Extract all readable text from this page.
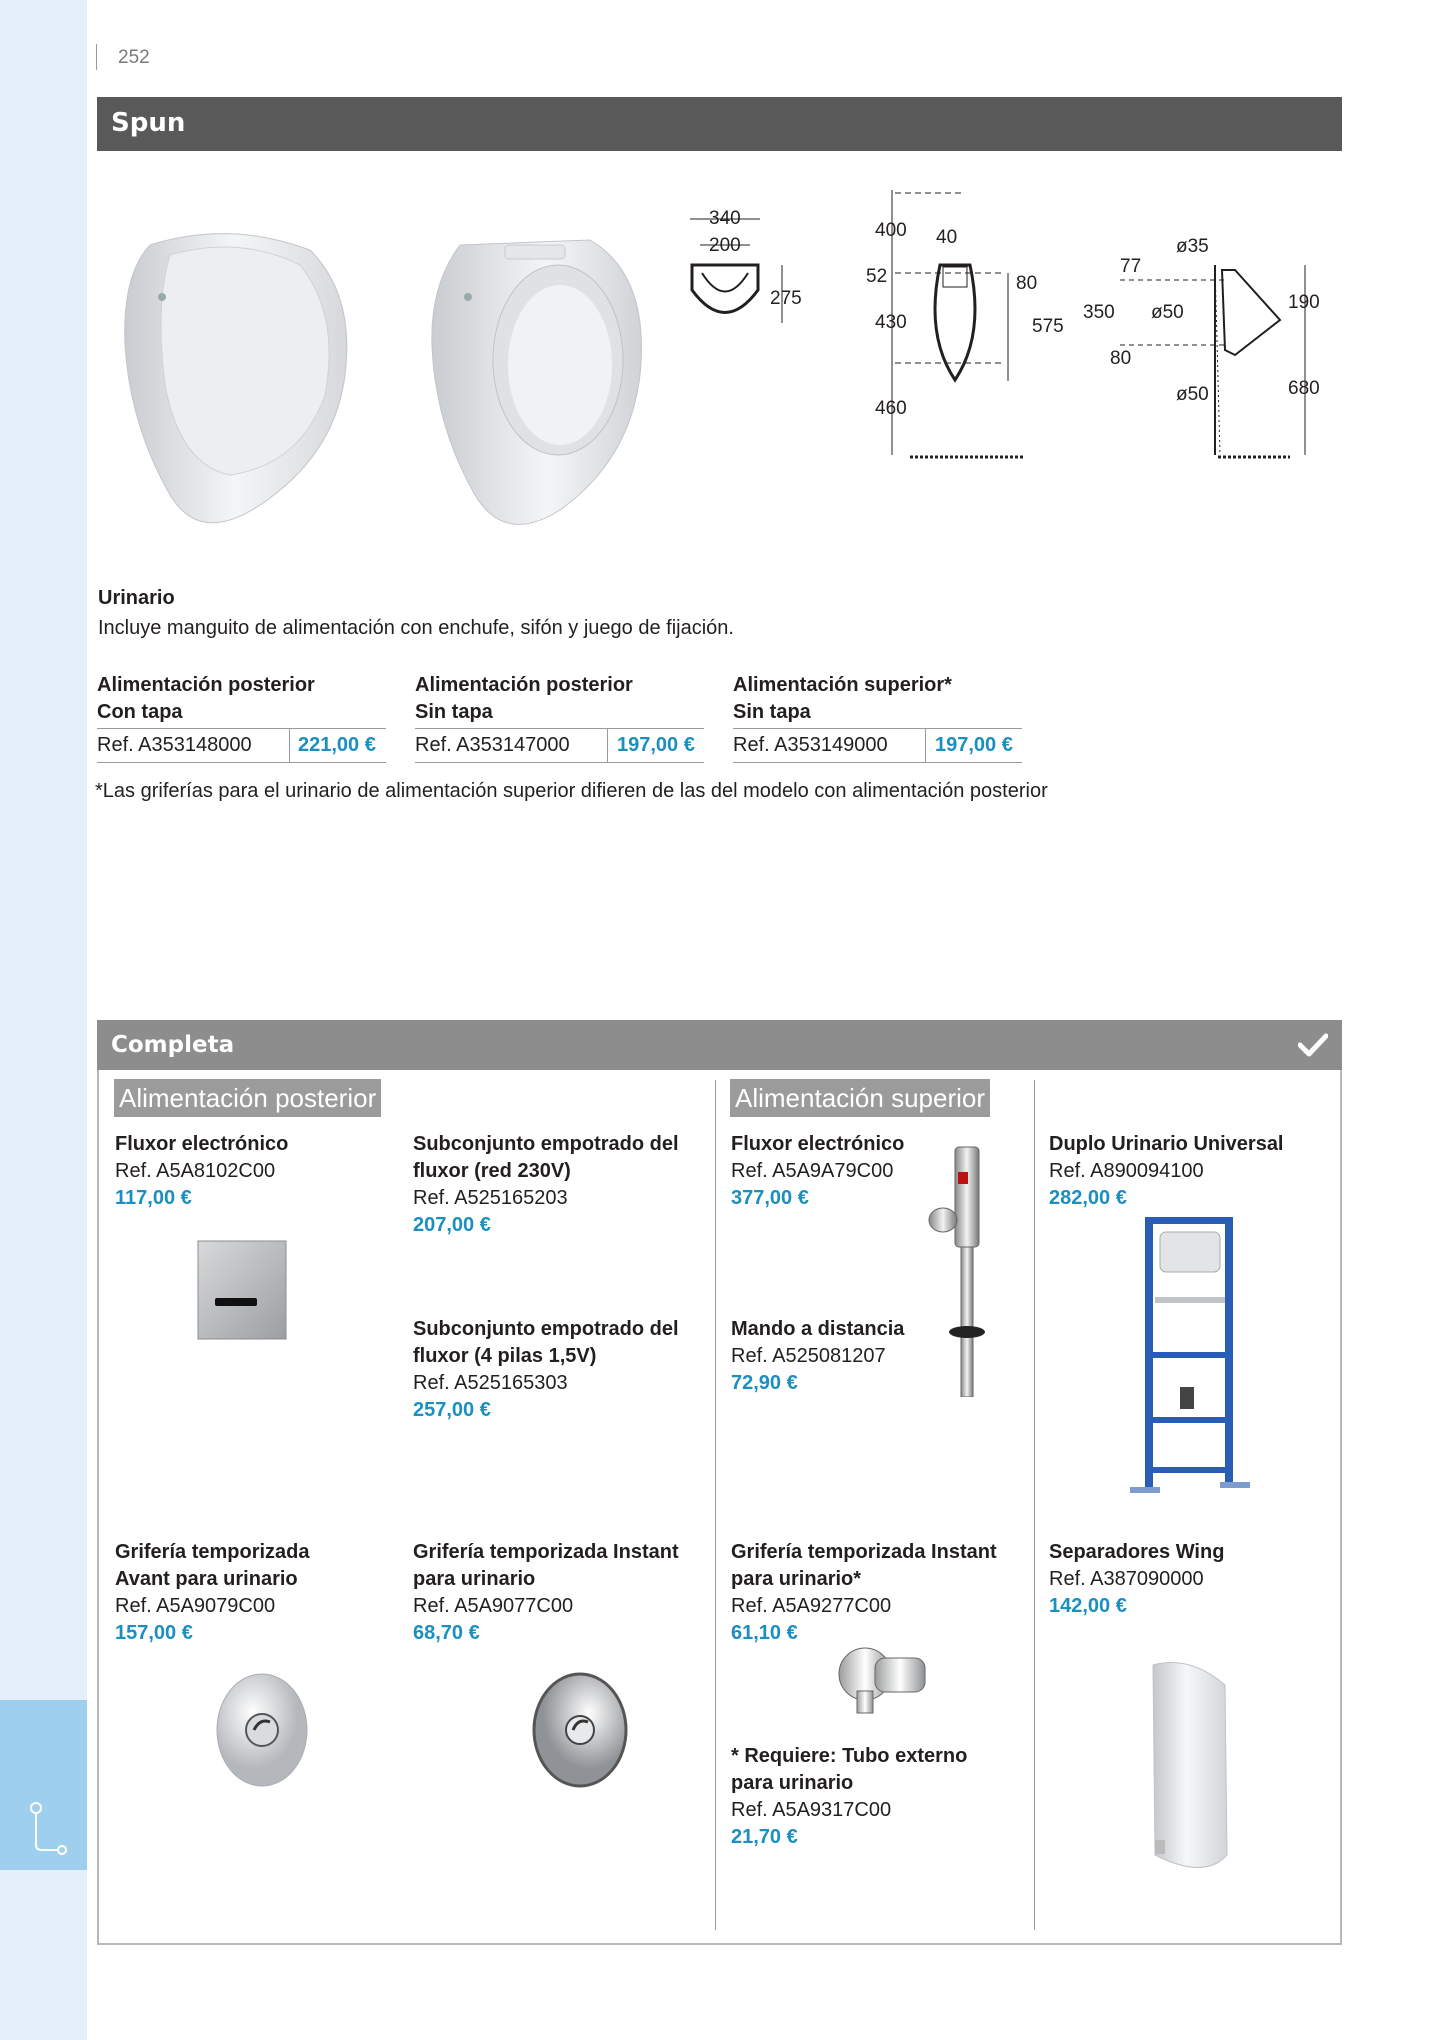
252
Spun
340
200
275
400 40
52	80
430	575
460
77
ø35
350 ø50	190
80
ø50	680
Urinario
Incluye manguito de alimentación con enchufe, sifón y juego de fijación.
Alimentación posterior
Con tapa
Alimentación posterior
Sin tapa
Alimentación superior*
Sin tapa
Ref. A353148000 221,00 € Ref. A353147000 197,00 € Ref. A353149000 197,00 €
*Las griferías para el urinario de alimentación superior difieren de las del modelo con alimentación posterior
Completa
Alimentación posterior	Alimentación superior
Fluxor electrónico
Ref. A5A8102C00
117,00 €
Subconjunto empotrado del
fluxor (red 230V)
Ref. A525165203
207,00 €
Subconjunto empotrado del
fluxor (4 pilas 1,5V)
Ref. A525165303
257,00 €
Fluxor electrónico
Ref. A5A9A79C00
377,00 €
Mando a distancia
Ref. A525081207
72,90 €
Duplo Urinario Universal
Ref. A890094100
282,00 €
Grifería temporizada
Avant para urinario
Ref. A5A9079C00
157,00 €
Grifería temporizada Instant
para urinario
Ref. A5A9077C00
68,70 €
Grifería temporizada Instant
para urinario*
Ref. A5A9277C00
61,10 €
* Requiere: Tubo externo
para urinario
Ref. A5A9317C00
21,70 €
Separadores Wing
Ref. A387090000
142,00 €
